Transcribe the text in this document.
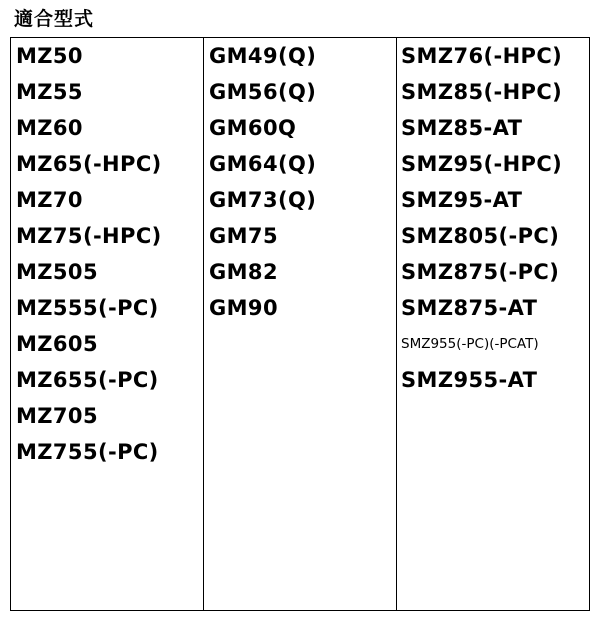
適合型式
MZ50
MZ55
MZ60
MZ65(-HPC)
MZ70
MZ75(-HPC)
MZ505
MZ555(-PC)
MZ605
MZ655(-PC)
MZ705
MZ755(-PC)
GM49(Q)
GM56(Q)
GM60Q
GM64(Q)
GM73(Q)
GM75
GM82
GM90
SMZ76(-HPC)
SMZ85(-HPC)
SMZ85-AT
SMZ95(-HPC)
SMZ95-AT
SMZ805(-PC)
SMZ875(-PC)
SMZ875-AT
SMZ955(-PC)(-PCAT)
SMZ955-AT
